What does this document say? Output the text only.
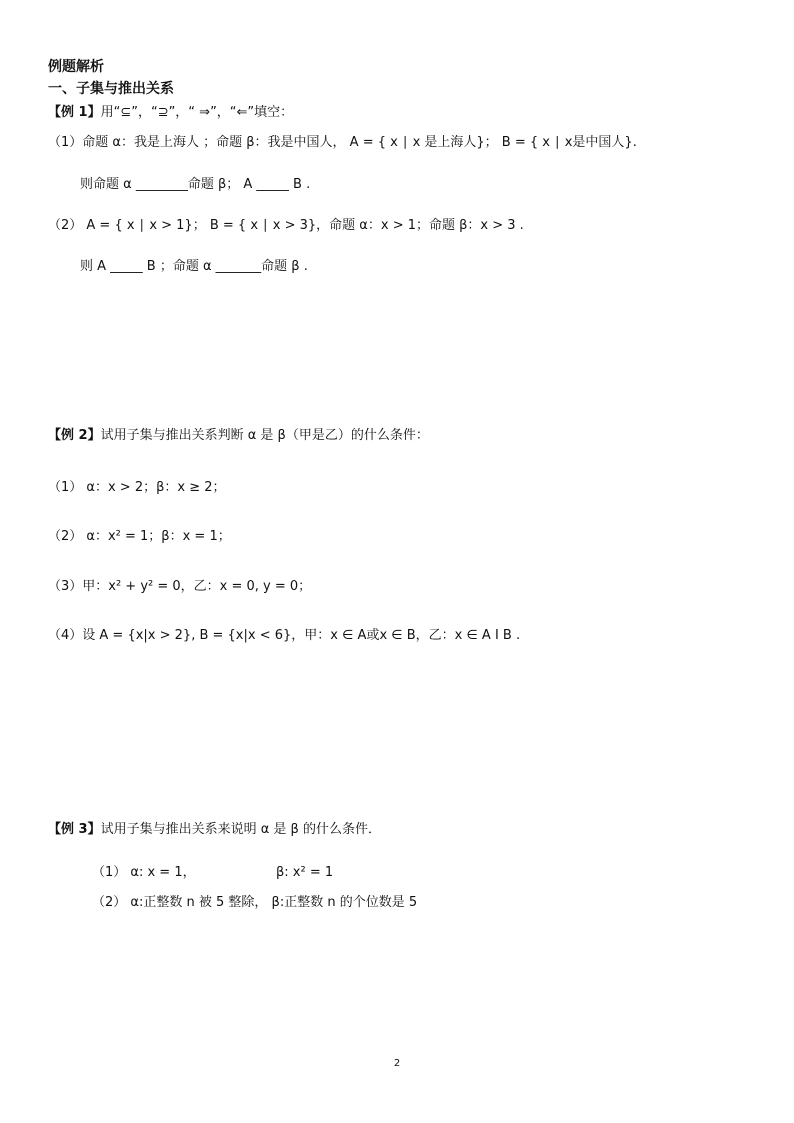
例题解析
一、子集与推出关系
【例 1】用“⊆”，“⊇”，“ ⇒”，“⇐”填空：
（1）命题 α：我是上海人 ；命题 β：我是中国人， A = { x ∣ x 是上海人}； B = { x ∣ x是中国人}.
则命题 α ________命题 β； A _____ B .
（2） A = { x ∣ x > 1}； B = { x ∣ x > 3}，命题 α：x > 1；命题 β：x > 3 .
则 A _____ B ；命题 α _______命题 β .
【例 2】试用子集与推出关系判断 α 是 β（甲是乙）的什么条件：
（1） α：x > 2；β：x ≥ 2；
（2） α：x² = 1；β：x = 1；
（3）甲：x² + y² = 0，乙：x = 0, y = 0；
（4）设 A = {x|x > 2}, B = {x|x < 6}，甲：x ∈ A或x ∈ B，乙：x ∈ A I B .
【例 3】试用子集与推出关系来说明 α 是 β 的什么条件．
（1） α: x = 1，	β: x² = 1
（2） α:正整数 n 被 5 整除， β:正整数 n 的个位数是 5
2
